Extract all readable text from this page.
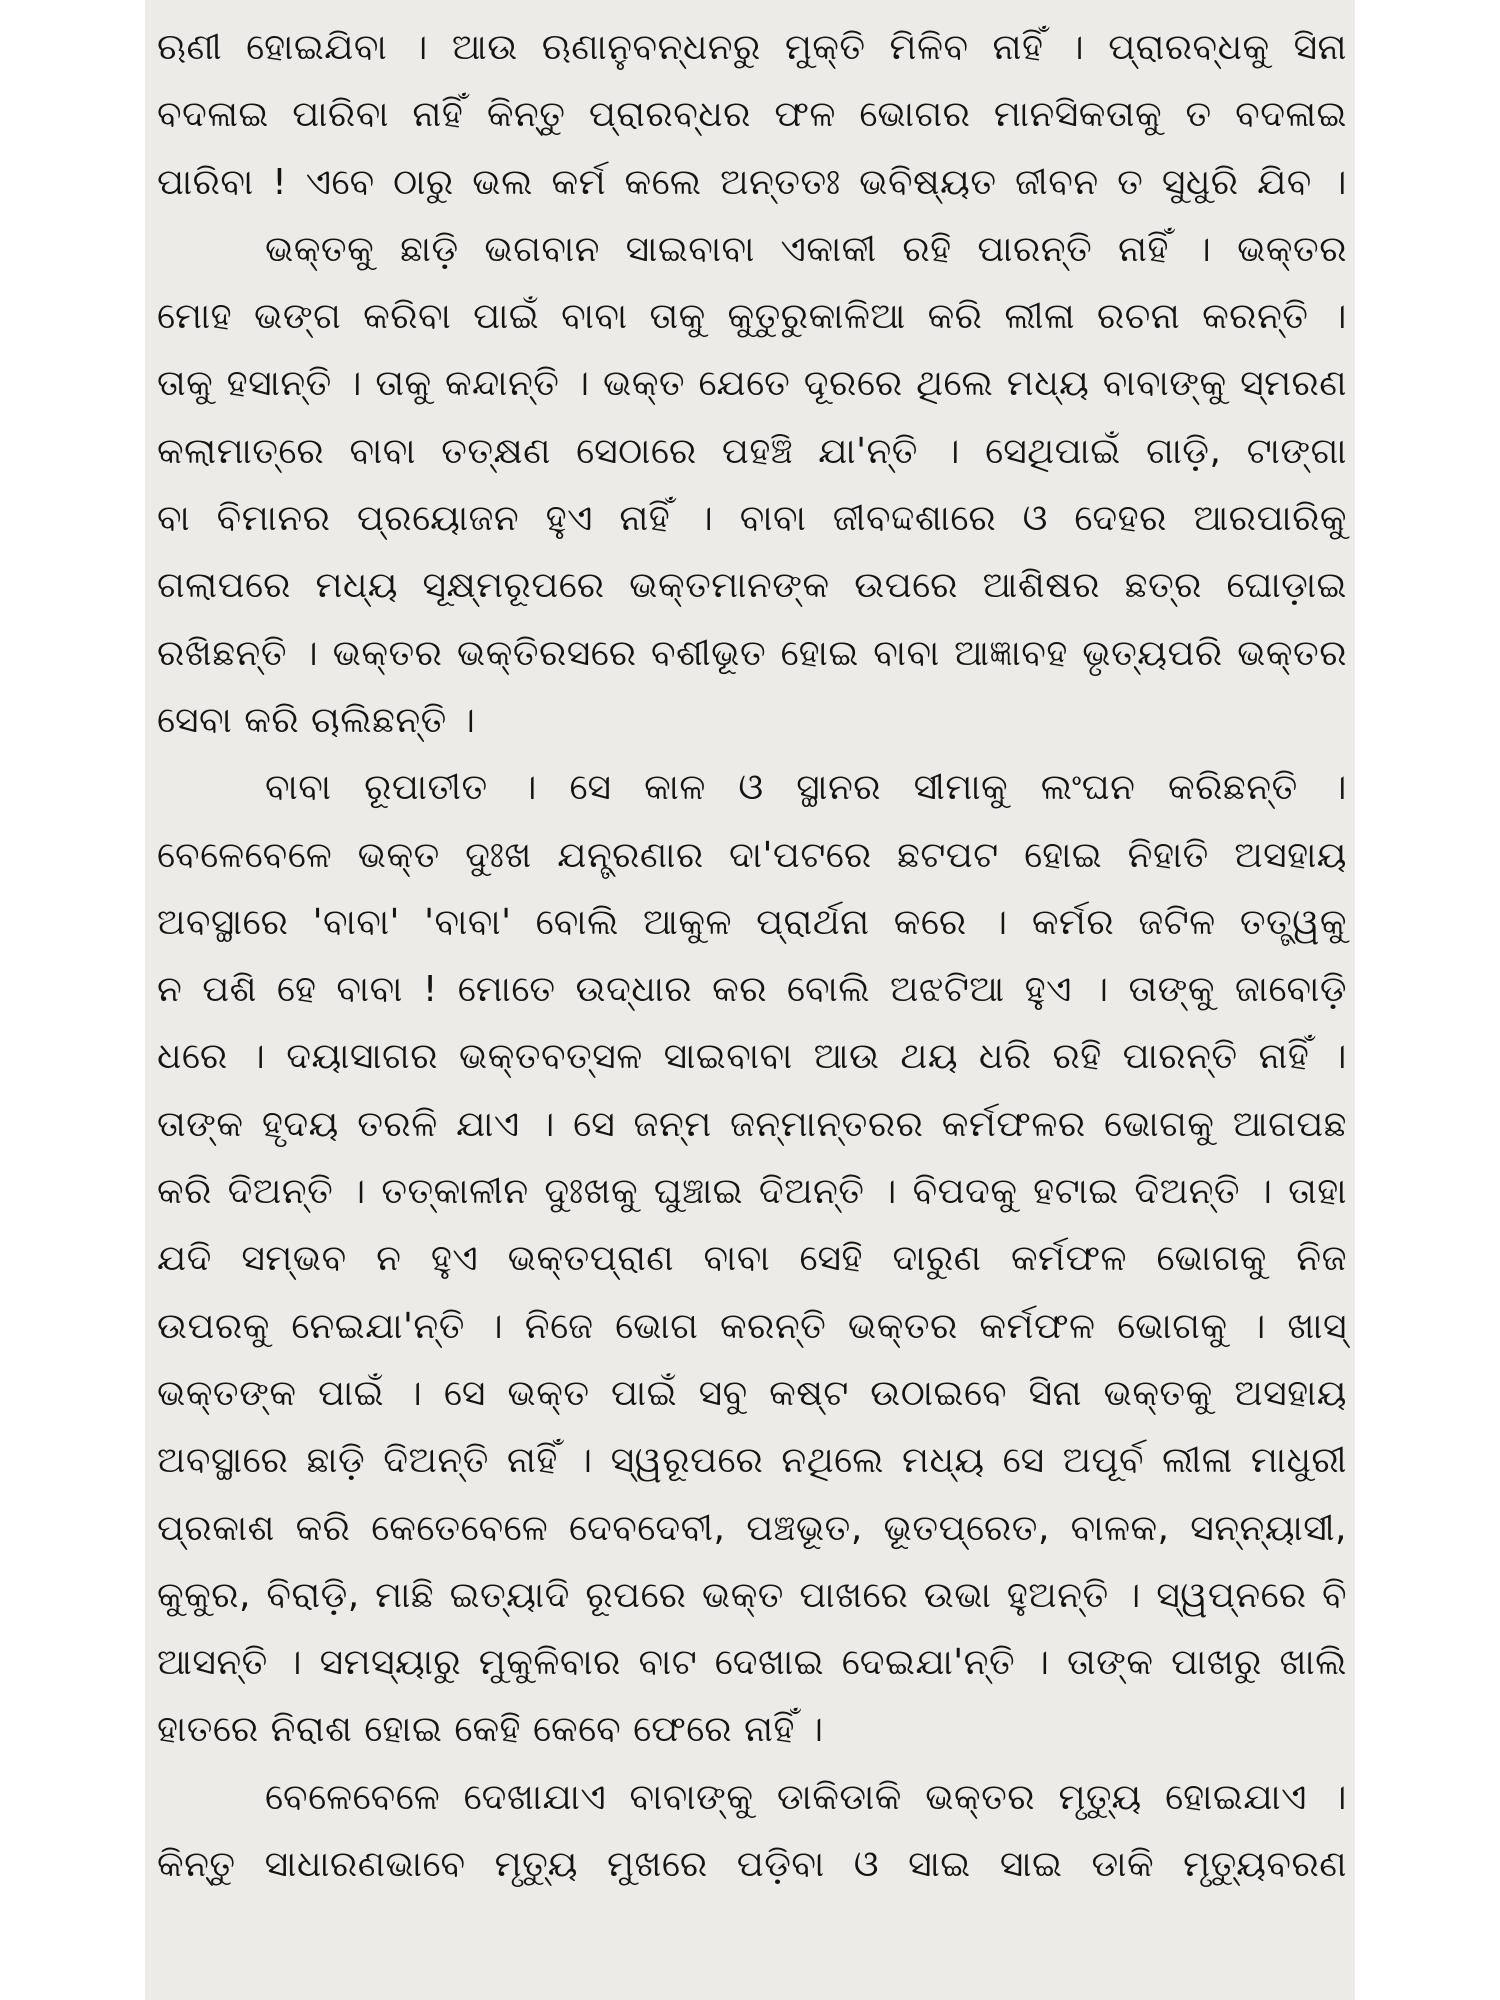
ଋଣୀ ହୋଇଯିବା । ଆଉ ଋଣାନୁବନ୍ଧନରୁ ମୁକ୍ତି ମିଳିବ ନାହିଁ । ପ୍ରାରବ୍ଧକୁ ସିନା
ବଦଳାଇ ପାରିବା ନାହିଁ କିନ୍ତୁ ପ୍ରାରବ୍ଧର ଫଳ ଭୋଗର ମାନସିକତାକୁ ତ ବଦଳାଇ
ପାରିବା ! ଏବେ ଠାରୁ ଭଲ କର୍ମ କଲେ ଅନ୍ତତଃ ଭବିଷ୍ୟତ ଜୀବନ ତ ସୁଧୁରି ଯିବ ।
ଭକ୍ତକୁ ଛାଡ଼ି ଭଗବାନ ସାଇବାବା ଏକାକୀ ରହି ପାରନ୍ତି ନାହିଁ । ଭକ୍ତର
ମୋହ ଭଙ୍ଗ କରିବା ପାଇଁ ବାବା ତାକୁ କୁତୁରୁକାଳିଆ କରି ଲୀଳା ରଚନା କରନ୍ତି ।
ତାକୁ ହସାନ୍ତି । ତାକୁ କନ୍ଦାନ୍ତି । ଭକ୍ତ ଯେତେ ଦୂରରେ ଥିଲେ ମଧ୍ୟ ବାବାଙ୍କୁ ସ୍ମରଣ
କଲାମାତ୍ରେ ବାବା ତତ୍‌କ୍ଷଣ ସେଠାରେ ପହଞ୍ଚି ଯା'ନ୍ତି । ସେଥିପାଇଁ ଗାଡ଼ି, ଟାଙ୍ଗା
ବା ବିମାନର ପ୍ରୟୋଜନ ହୁଏ ନାହିଁ । ବାବା ଜୀବଦ୍ଦଶାରେ ଓ ଦେହର ଆରପାରିକୁ
ଗଲାପରେ ମଧ୍ୟ ସୂକ୍ଷ୍ମରୂପରେ ଭକ୍ତମାନଙ୍କ ଉପରେ ଆଶିଷର ଛତ୍ର ଘୋଡ଼ାଇ
ରଖିଛନ୍ତି । ଭକ୍ତର ଭକ୍ତିରସରେ ବଶୀଭୂତ ହୋଇ ବାବା ଆଜ୍ଞାବହ ଭୃତ୍ୟପରି ଭକ୍ତର
ସେବା କରି ଚାଲିଛନ୍ତି ।
ବାବା ରୂପାତୀତ । ସେ କାଳ ଓ ସ୍ଥାନର ସୀମାକୁ ଲଂଘନ କରିଛନ୍ତି ।
ବେଳେବେଳେ ଭକ୍ତ ଦୁଃଖ ଯନ୍ତ୍ରଣାର ଦା'ପଟରେ ଛଟପଟ ହୋଇ ନିହାତି ଅସହାୟ
ଅବସ୍ଥାରେ 'ବାବା' 'ବାବା' ବୋଲି ଆକୁଳ ପ୍ରାର୍ଥନା କରେ । କର୍ମର ଜଟିଳ ତତ୍ତ୍ୱକୁ
ନ ପଶି ହେ ବାବା ! ମୋତେ ଉଦ୍ଧାର କର ବୋଲି ଅଝଟିଆ ହୁଏ । ତାଙ୍କୁ ଜାବୋଡ଼ି
ଧରେ । ଦୟାସାଗର ଭକ୍ତବତ୍ସଳ ସାଇବାବା ଆଉ ଥୟ ଧରି ରହି ପାରନ୍ତି ନାହିଁ ।
ତାଙ୍କ ହୃଦୟ ତରଳି ଯାଏ । ସେ ଜନ୍ମ ଜନ୍ମାନ୍ତରର କର୍ମଫଳର ଭୋଗକୁ ଆଗପଛ
କରି ଦିଅନ୍ତି । ତତ୍‌କାଳୀନ ଦୁଃଖକୁ ଘୁଞ୍ଚାଇ ଦିଅନ୍ତି । ବିପଦକୁ ହଟାଇ ଦିଅନ୍ତି । ତାହା
ଯଦି ସମ୍ଭବ ନ ହୁଏ ଭକ୍ତପ୍ରାଣ ବାବା ସେହି ଦାରୁଣ କର୍ମଫଳ ଭୋଗକୁ ନିଜ
ଉପରକୁ ନେଇଯା'ନ୍ତି । ନିଜେ ଭୋଗ କରନ୍ତି ଭକ୍ତର କର୍ମଫଳ ଭୋଗକୁ । ଖାସ୍
ଭକ୍ତଙ୍କ ପାଇଁ । ସେ ଭକ୍ତ ପାଇଁ ସବୁ କଷ୍ଟ ଉଠାଇବେ ସିନା ଭକ୍ତକୁ ଅସହାୟ
ଅବସ୍ଥାରେ ଛାଡ଼ି ଦିଅନ୍ତି ନାହିଁ । ସ୍ୱରୂପରେ ନଥିଲେ ମଧ୍ୟ ସେ ଅପୂର୍ବ ଲୀଳା ମାଧୁରୀ
ପ୍ରକାଶ କରି କେତେବେଳେ ଦେବଦେବୀ, ପଞ୍ଚଭୂତ, ଭୂତପ୍ରେତ, ବାଳକ, ସନ୍ନ୍ୟାସୀ,
କୁକୁର, ବିରାଡ଼ି, ମାଛି ଇତ୍ୟାଦି ରୂପରେ ଭକ୍ତ ପାଖରେ ଉଭା ହୁଅନ୍ତି । ସ୍ୱପ୍ନରେ ବି
ଆସନ୍ତି । ସମସ୍ୟାରୁ ମୁକୁଳିବାର ବାଟ ଦେଖାଇ ଦେଇଯା'ନ୍ତି । ତାଙ୍କ ପାଖରୁ ଖାଲି
ହାତରେ ନିରାଶ ହୋଇ କେହି କେବେ ଫେରେ ନାହିଁ ।
ବେଳେବେଳେ ଦେଖାଯାଏ ବାବାଙ୍କୁ ଡାକିଡାକି ଭକ୍ତର ମୃତ୍ୟୁ ହୋଇଯାଏ ।
କିନ୍ତୁ ସାଧାରଣଭାବେ ମୃତ୍ୟୁ ମୁଖରେ ପଡ଼ିବା ଓ ସାଇ ସାଇ ଡାକି ମୃତ୍ୟୁବରଣ
